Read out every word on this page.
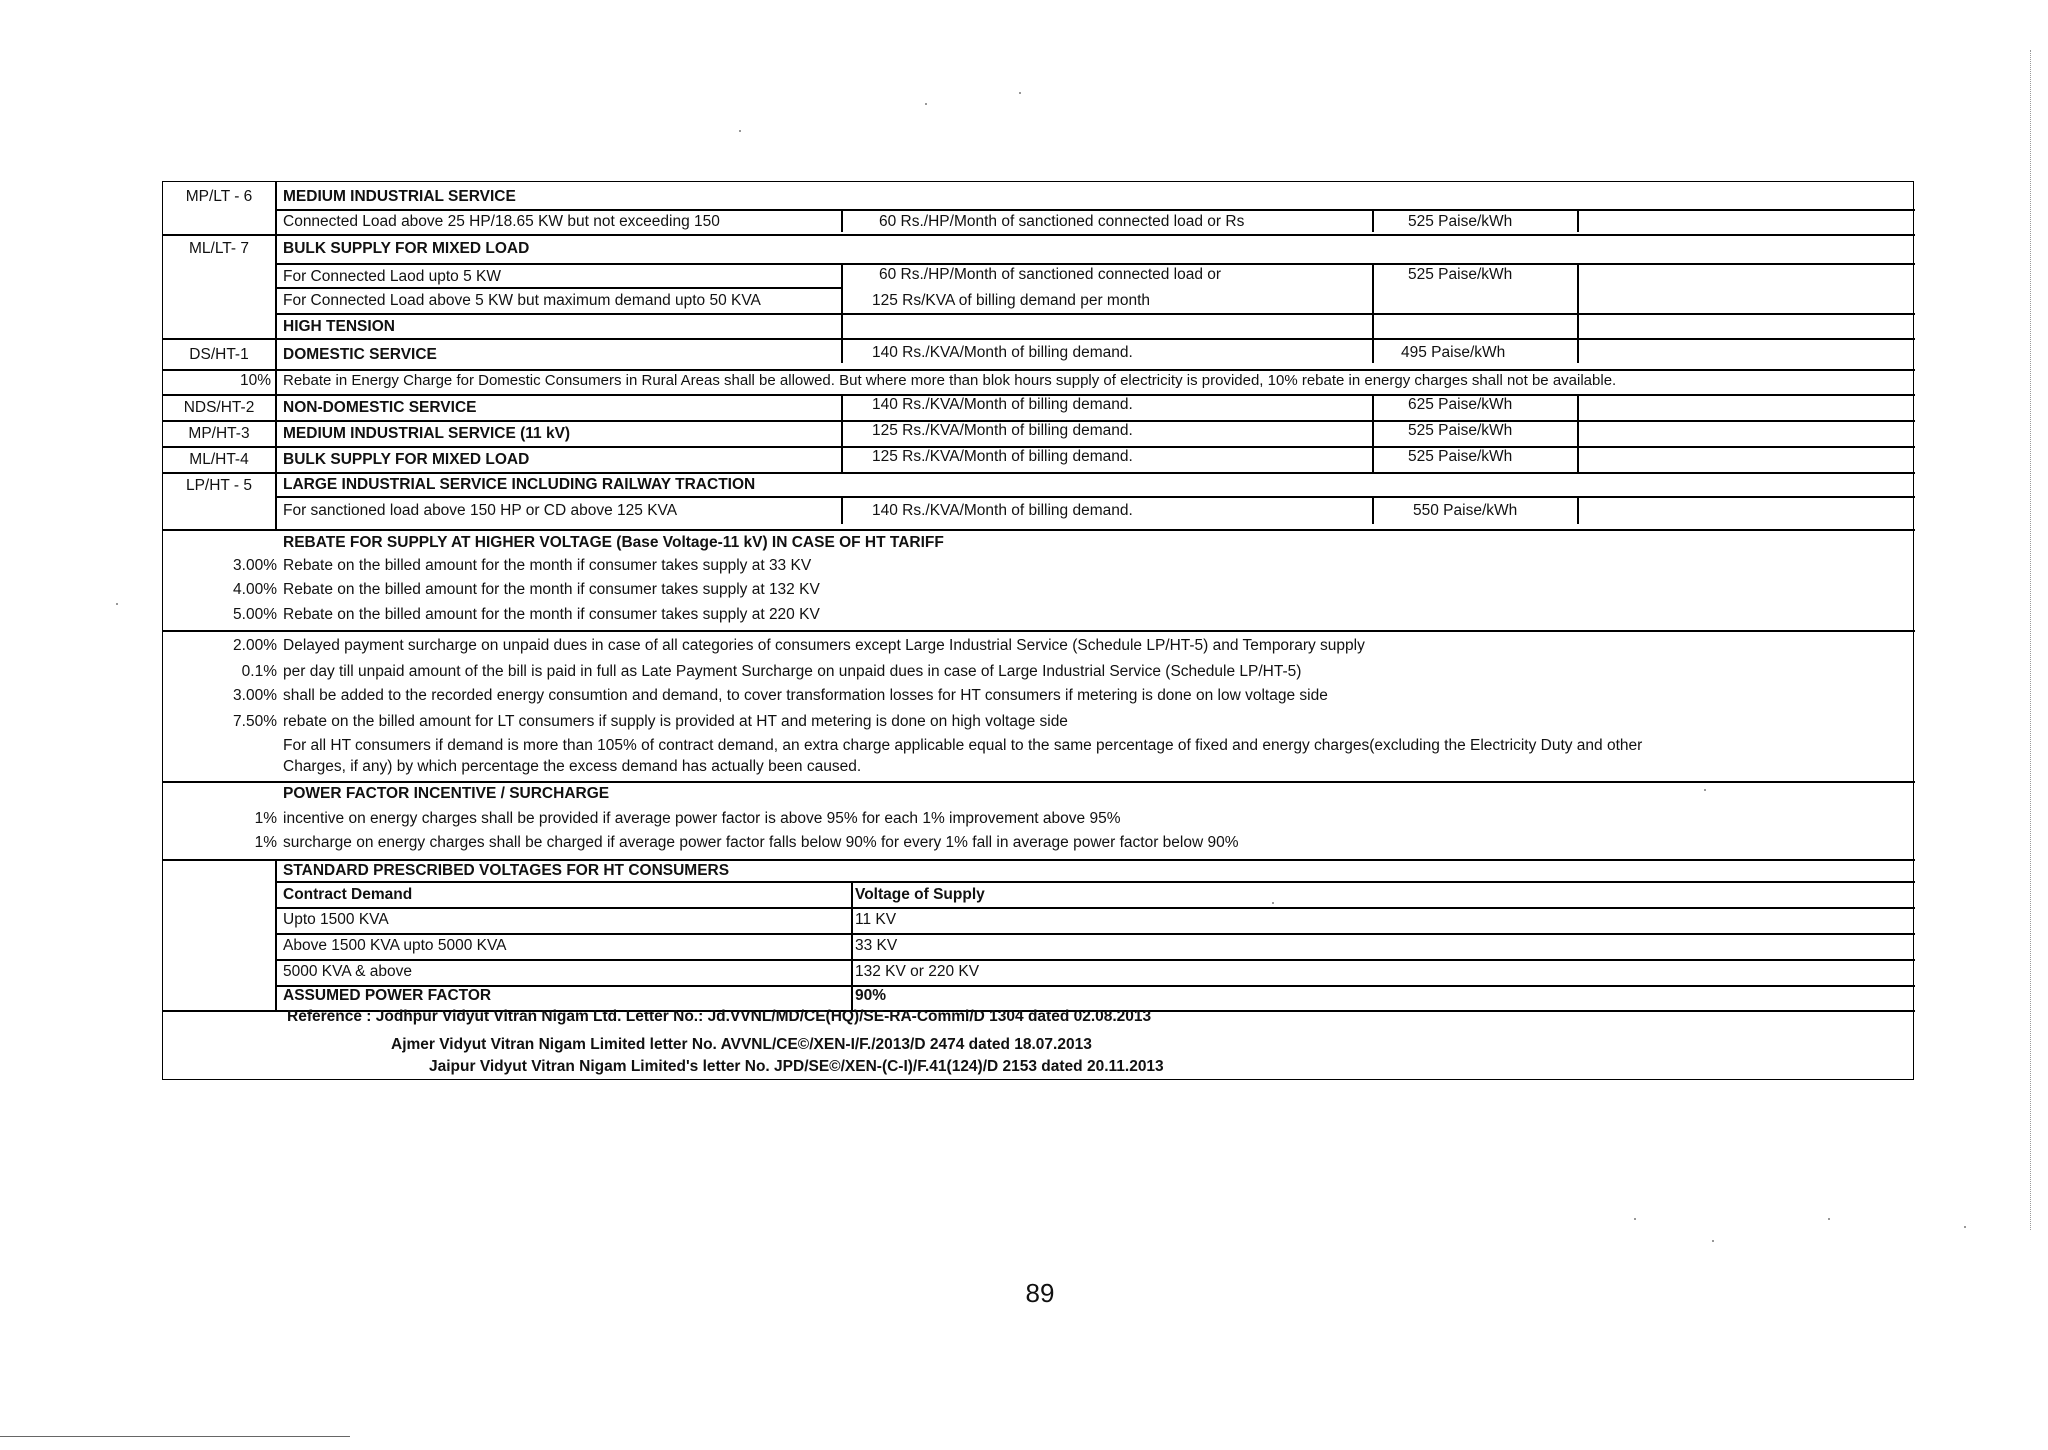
MP/LT - 6	MEDIUM INDUSTRIAL SERVICE
Connected Load above 25 HP/18.65 KW but not exceeding 150	60 Rs./HP/Month of sanctioned connected load or Rs	525 Paise/kWh
ML/LT- 7	BULK SUPPLY FOR MIXED LOAD
For Connected Laod upto 5 KW	60 Rs./HP/Month of sanctioned connected load or	525 Paise/kWh
For Connected Load above 5 KW but maximum demand upto 50 KVA	125 Rs/KVA of billing demand per month
HIGH TENSION
DS/HT-1	DOMESTIC SERVICE	140 Rs./KVA/Month of billing demand.	495 Paise/kWh
10% Rebate in Energy Charge for Domestic Consumers in Rural Areas shall be allowed. But where more than blok hours supply of electricity is provided, 10% rebate in energy charges shall not be available.
NDS/HT-2	NON-DOMESTIC SERVICE	140 Rs./KVA/Month of billing demand.	625 Paise/kWh
MP/HT-3	MEDIUM INDUSTRIAL SERVICE (11 kV)	125 Rs./KVA/Month of billing demand.	525 Paise/kWh
ML/HT-4	BULK SUPPLY FOR MIXED LOAD	125 Rs./KVA/Month of billing demand.	525 Paise/kWh
LP/HT - 5	LARGE INDUSTRIAL SERVICE INCLUDING RAILWAY TRACTION
For sanctioned load above 150 HP or CD above 125 KVA	140 Rs./KVA/Month of billing demand.	550 Paise/kWh
REBATE FOR SUPPLY AT HIGHER VOLTAGE (Base Voltage-11 kV) IN CASE OF HT TARIFF
3.00% Rebate on the billed amount for the month if consumer takes supply at 33 KV
4.00% Rebate on the billed amount for the month if consumer takes supply at 132 KV
5.00% Rebate on the billed amount for the month if consumer takes supply at 220 KV
2.00% Delayed payment surcharge on unpaid dues in case of all categories of consumers except Large Industrial Service (Schedule LP/HT-5) and Temporary supply
0.1% per day till unpaid amount of the bill is paid in full as Late Payment Surcharge on unpaid dues in case of Large Industrial Service (Schedule LP/HT-5)
3.00% shall be added to the recorded energy consumtion and demand, to cover transformation losses for HT consumers if metering is done on low voltage side
7.50% rebate on the billed amount for LT consumers if supply is provided at HT and metering is done on high voltage side
For all HT consumers if demand is more than 105% of contract demand, an extra charge applicable equal to the same percentage of fixed and energy charges(excluding the Electricity Duty and other
Charges, if any) by which percentage the excess demand has actually been caused.
POWER FACTOR INCENTIVE / SURCHARGE
1% incentive on energy charges shall be provided if average power factor is above 95% for each 1% improvement above 95%
1% surcharge on energy charges shall be charged if average power factor falls below 90% for every 1% fall in average power factor below 90%
STANDARD PRESCRIBED VOLTAGES FOR HT CONSUMERS
Contract Demand	Voltage of Supply
Upto 1500 KVA	11 KV
Above 1500 KVA upto 5000 KVA	33 KV
5000 KVA & above	132 KV or 220 KV
ASSUMED POWER FACTOR	90%
Reference : Jodhpur Vidyut Vitran Nigam Ltd. Letter No.: Jd.VVNL/MD/CE(HQ)/SE-RA-Comml/D 1304 dated 02.08.2013
Ajmer Vidyut Vitran Nigam Limited letter No. AVVNL/CE©/XEN-I/F./2013/D 2474 dated 18.07.2013
Jaipur Vidyut Vitran Nigam Limited's letter No. JPD/SE©/XEN-(C-I)/F.41(124)/D 2153 dated 20.11.2013
89
